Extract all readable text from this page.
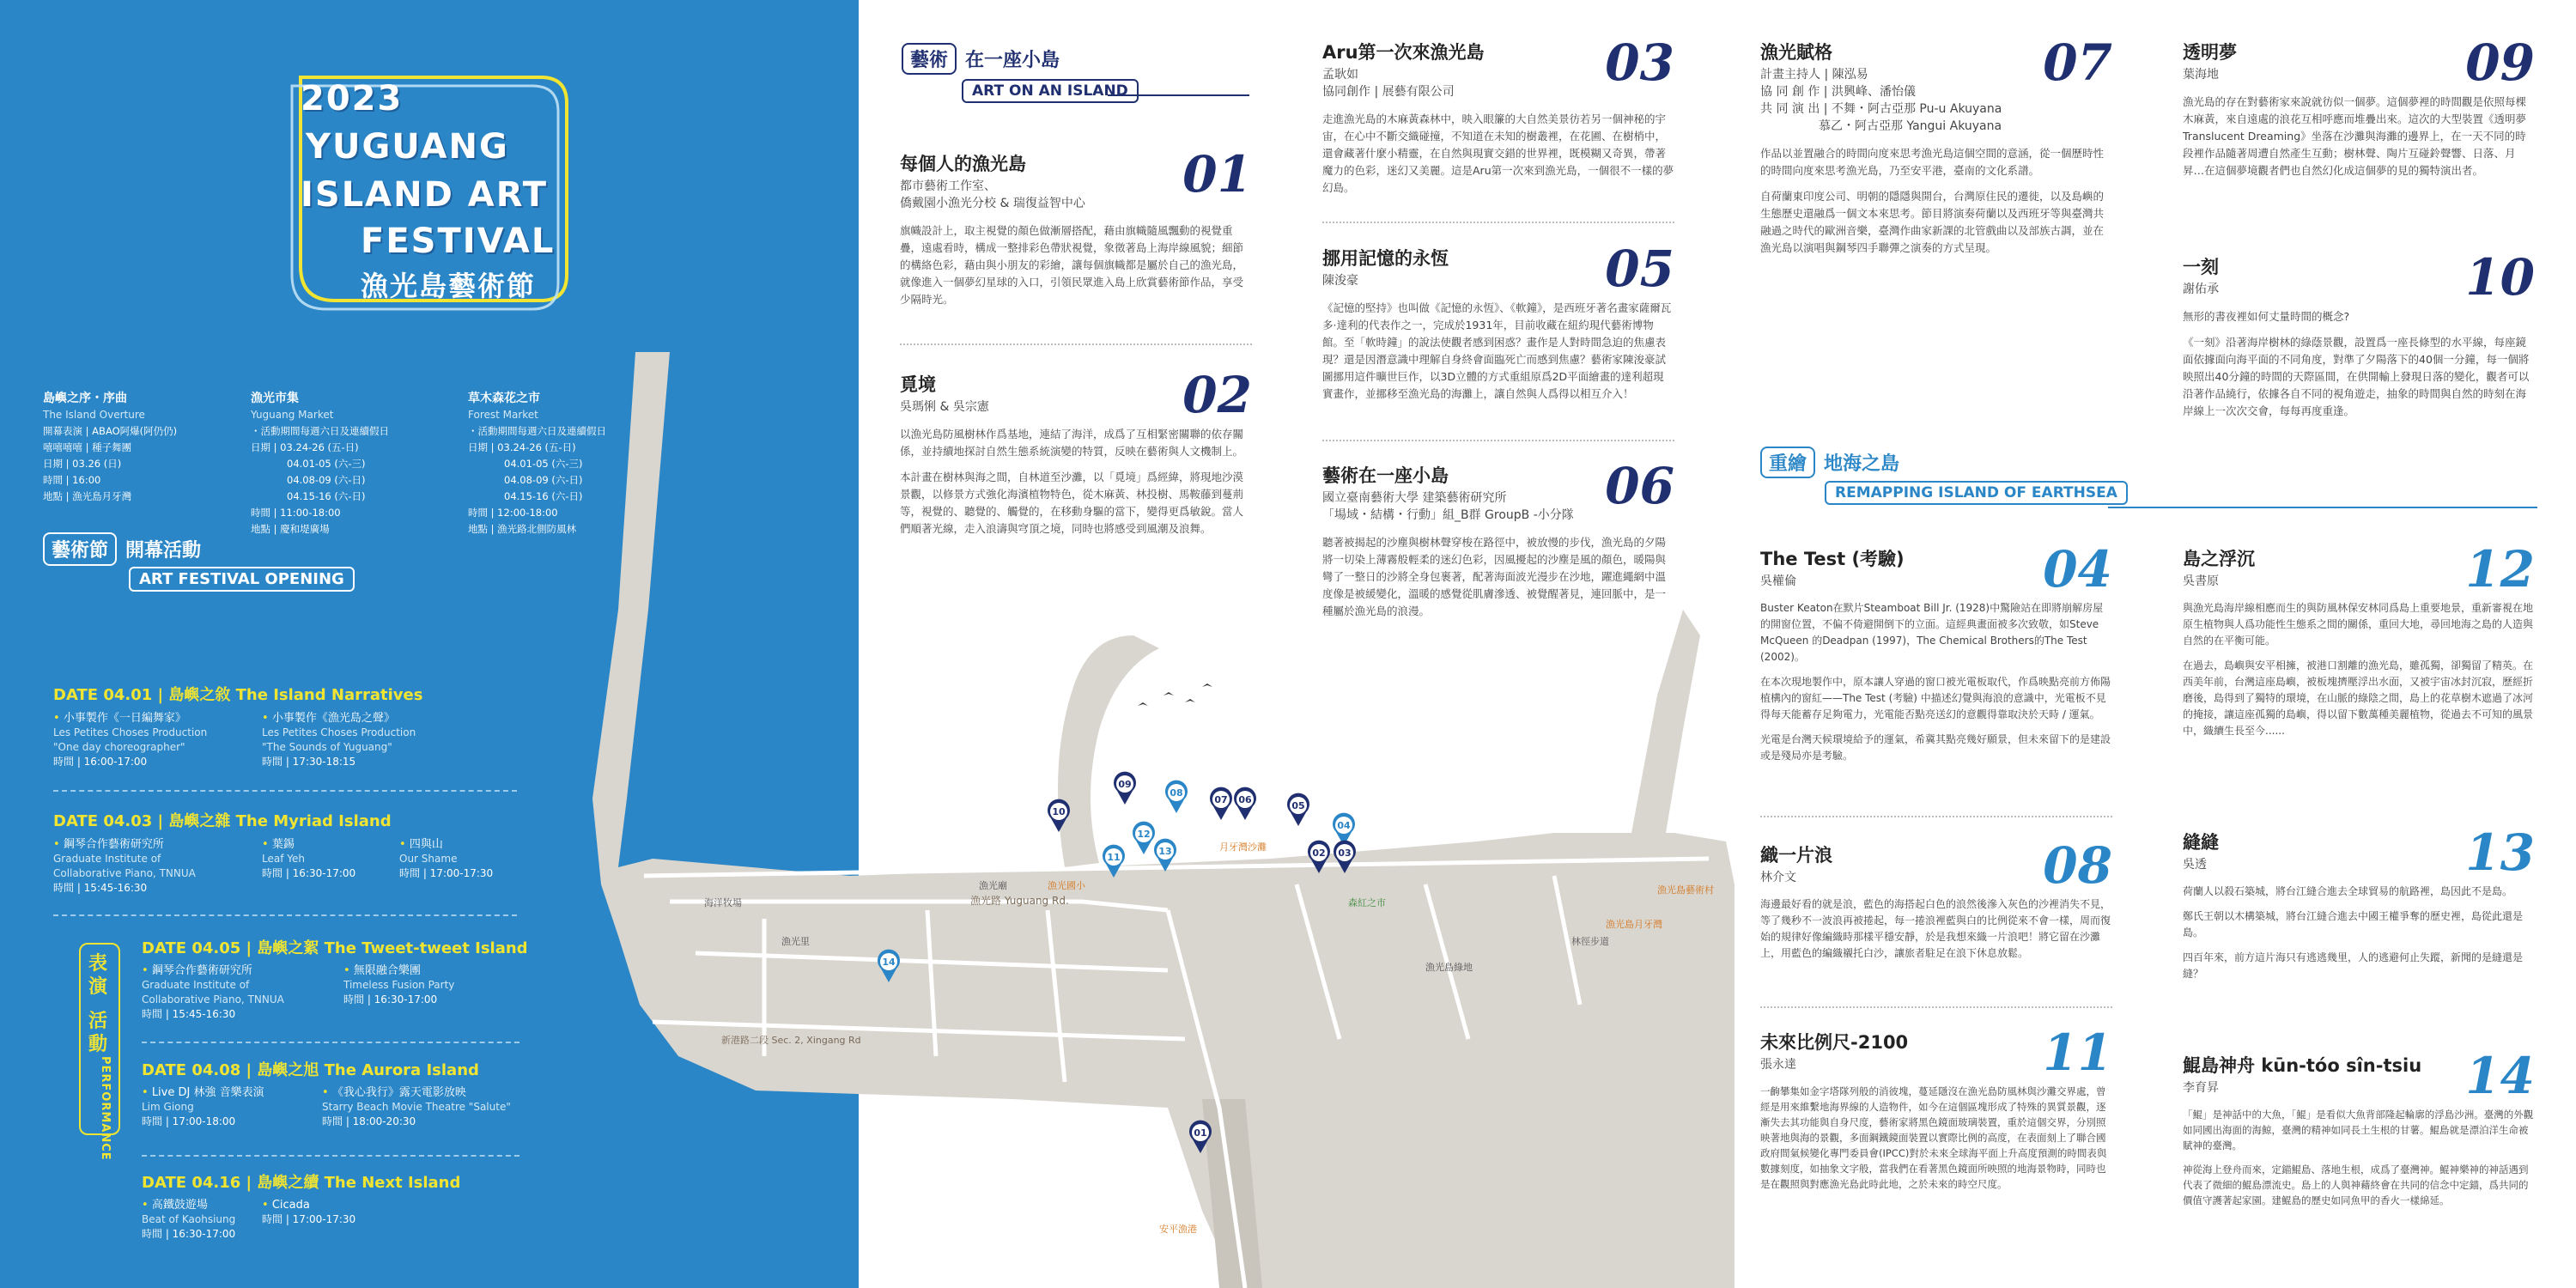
2023
YUGUANG
ISLAND ART
FESTIVAL
漁光島藝術節
島嶼之序・序曲
The Island Overture
開幕表演 | ABAO阿爆(阿仍仍)
嘻嘻嘻嘻 | 種子舞團
日期 | 03.26 (日)
時間 | 16:00
地點 | 漁光島月牙灣
漁光市集
Yuguang Market
・活動期間每週六日及連續假日
日期 | 03.24-26 (五-日)
04.01-05 (六-三)
04.08-09 (六-日)
04.15-16 (六-日)
時間 | 11:00-18:00
地點 | 慶和堤廣場
草木森花之市
Forest Market
・活動期間每週六日及連續假日
日期 | 03.24-26 (五-日)
04.01-05 (六-三)
04.08-09 (六-日)
04.15-16 (六-日)
時間 | 12:00-18:00
地點 | 漁光路北側防風林
藝術節 開幕活動
ART FESTIVAL OPENING
DATE 04.01 | 島嶼之敘 The Island Narratives
• 小事製作《一日編舞家》
Les Petites Choses Production
"One day choreographer"
時間 | 16:00-17:00
• 小事製作《漁光島之聲》
Les Petites Choses Production
"The Sounds of Yuguang"
時間 | 17:30-18:15
DATE 04.03 | 島嶼之雜 The Myriad Island
• 鋼琴合作藝術研究所
Graduate Institute of
Collaborative Piano, TNNUA
時間 | 15:45-16:30
• 葉錫
Leaf Yeh
時間 | 16:30-17:00
• 四與山
Our Shame
時間 | 17:00-17:30
表
演
活
動
PERFORMANCE
DATE 04.05 | 島嶼之絮 The Tweet-tweet Island
• 鋼琴合作藝術研究所
Graduate Institute of
Collaborative Piano, TNNUA
時間 | 15:45-16:30
• 無限融合樂團
Timeless Fusion Party
時間 | 16:30-17:00
DATE 04.08 | 島嶼之旭 The Aurora Island
• Live DJ 林強 音樂表演
Lim Giong
時間 | 17:00-18:00
• 《我心我行》露天電影放映
Starry Beach Movie Theatre "Salute"
時間 | 18:00-20:30
DATE 04.16 | 島嶼之續 The Next Island
• 高鐵鼓遊場
Beat of Kaohsiung
時間 | 16:30-17:00
• Cicada
時間 | 17:00-17:30
漁光路 Yuguang Rd.
新港路二段 Sec. 2, Xingang Rd
漁光廟
漁光里
月牙灣沙灘
森紅之市
漁光島月牙灣
海洋牧場
漁光國小
漁光島綠地
漁光島藝術村
林徑步道
安平漁港
09
08
07 06
05
04
10
12
13
11	02 03
14
01
藝術 在一座小島
ART ON AN ISLAND
重繪 地海之島
REMAPPING ISLAND OF EARTHSEA
01
每個人的漁光島
都市藝術工作室、
僑戴園小漁光分校 & 瑞復益智中心

旗幟設計上，取主視覺的顏色做漸層搭配，藉由旗幟隨風飄動的視覺重疊，遠處看時，構成一整排彩色帶狀視覺，象徵著島上海岸線風貌；細節的構絡色彩，藉由與小朋友的彩繪，讓每個旗幟都是屬於自己的漁光島，就像進入一個夢幻星球的入口，引領民眾進入島上欣賞藝術節作品，享受少隔時光。

02
覓境
吳瑪悧 & 吳宗憲

以漁光島防風樹林作爲基地，連結了海洋，成爲了互相緊密關聯的依存關係，並持續地探討自然生態系統演變的特質，反映在藝術與人文機制上。

本計畫在樹林與海之間，自林道至沙灘，以「覓境」爲經緯，將現地沙漠景觀，以修景方式強化海濱植物特色，從木麻黃、林投樹、馬鞍藤到蔓荊等，視覺的、聽覺的、觸覺的，在移動身驅的當下，變得更爲敏銳。當人們順著光線，走入浪濤與穹頂之境，同時也將感受到風潮及浪舞。

03
Aru第一次來漁光島
孟耿如
協同創作 | 展藝有限公司

走進漁光島的木麻黃森林中，映入眼簾的大自然美景彷若另一個神秘的宇宙，在心中不斷交織碰撞，不知道在未知的樹叢裡，在花圃、在樹梢中，還會藏著什麼小精靈，在自然與現實交錯的世界裡，既模糊又奇異，帶著魔力的色彩，迷幻又美麗。這是Aru第一次來到漁光島，一個很不一樣的夢幻島。

05
挪用記憶的永恆
陳浚豪

《記憶的堅持》也叫做《記憶的永恆》、《軟鐘》，是西班牙著名畫家薩爾瓦多·達利的代表作之一，完成於1931年，目前收藏在紐約現代藝術博物館。至「軟時鐘」的說法使觀者感到困惑？畫作是人對時間急迫的焦慮表現？還是因潛意識中理解自身終會面臨死亡而感到焦慮？藝術家陳浚豪試圖挪用這件曠世巨作，以3D立體的方式重組原爲2D平面繪畫的達利超現實畫作，並挪移至漁光島的海灘上，讓自然與人爲得以相互介入！

06
藝術在一座小島
國立臺南藝術大學 建築藝術研究所
「場域・結構・行動」組_B群 GroupB -小分隊

聽著被揭起的沙塵與樹林聲穿梭在路徑中，被放慢的步伐，漁光島的夕陽將一切染上薄霧般輕柔的迷幻色彩，因風擾起的沙塵是風的顏色，暖陽與彎了一整日的沙將全身包裹著，配著海面波光漫步在沙地，躍進繩網中溫度像是被緩變化，溫暖的感覺從肌膚滲透、被覺醒著見，連回脈中，是一種屬於漁光島的浪漫。

07
漁光賦格
計畫主持人 | 陳泓易
協 同 創 作 | 洪興峰、潘怡儀
共 同 演 出 | 不舞・阿古亞那 Pu-u Akuyana
慕乙・阿古亞那 Yangui Akuyana

作品以並置融合的時間向度來思考漁光島這個空間的意涵，從一個歷時性的時間向度來思考漁光島，乃至安平港，臺南的文化系譜。

自荷蘭東印度公司、明朝的隱隱與開台，台灣原住民的遷徙，以及島嶼的生態歷史還融爲一個文本來思考。節目將演奏荷蘭以及西班牙等與臺灣共融過之時代的歐洲音樂，臺灣作曲家新課的北管戲曲以及部族古調，並在漁光島以演唱與鋼琴四手聯彈之演奏的方式呈現。

09
透明夢
葉海地

漁光島的存在對藝術家來說就彷似一個夢。這個夢裡的時間觀是依照每棵木麻黃，來自遠處的浪花互相呼應而堆疊出來。這次的大型裝置《透明夢Translucent Dreaming》坐落在沙灘與海灘的邊界上，在一天不同的時段裡作品隨著周遭自然產生互動；樹林聲、陶片互碰鈴聲響、日落、月昇…在這個夢境觀者們也自然幻化成這個夢的見的獨特演出者。

10
一刻
謝佑承

無形的書夜裡如何丈量時間的概念?

《一刻》沿著海岸樹林的綠蔭景觀，設置爲一座長條型的水平線，每座鏡面依據面向海平面的不同角度，對準了夕陽落下的40個一分鐘，每一個將映照出40分鐘的時間的天際區間，在供開輸上發現日落的變化，觀者可以沿著作品繞行，依據各自不同的視角遊走，抽象的時間與自然的時刻在海岸線上一次次交會，每每再度重逢。

04
The Test (考驗)
吳權倫

Buster Keaton在默片Steamboat Bill Jr. (1928)中驚險站在即將崩解房屋的開窗位置，不偏不倚避開倒下的立面。這經典畫面被多次致敬，如Steve McQueen 的Deadpan (1997)，The Chemical Brothers的The Test (2002)。

在本次現地製作中，原本讓人穿過的窗口被光電板取代，作爲映點亮前方佈陽植構內的窗紅——The Test (考驗) 中描述幻覺與海浪的意識中，光電板不見得每天能蓄存足夠電力，光電能否點亮送幻的意觀得靠取決於天時 / 運氣。

光電是台灣天候環境給予的運氣，希冀其點亮幾好願景，但未來留下的是建設或是殘局亦是考驗。

08
織一片浪
林介文

海邊最好看的就是浪，藍色的海搭起白色的浪然後滲入灰色的沙裡消失不見，等了幾秒不一波浪再被捲起，每一捲浪裡藍與白的比例從來不會一樣，周而復始的規律好像編織時那樣平穩安靜，於是我想來織一片浪吧！將它留在沙灘上，用藍色的編織襯托白沙，讓旅者駐足在浪下休息放鬆。

11
未來比例尺-2100
張永達

一齣攀集如金字塔隊列般的消彼塊，蔓延隱沒在漁光島防風林與沙灘交界處，曾經是用來維繫地海界線的人造物件，如今在這個區塊形成了特殊的異質景觀，逐漸失去其功能與自身尺度，藝術家將黑色鏡面玻璃裝置，重於這個交界，分別照映著地與海的景觀，多面鋼鐵鏡面裝置以實際比例的高度，在表面刻上了聯合國政府間氣候變化專門委員會(IPCC)對於未來全球海平面上升高度預測的時間表與數據刻度，如抽象文字般，當我們在看著黑色鏡面所映照的地海景物時，同時也是在觀照與對應漁光島此時此地，之於未來的時空尺度。

12
島之浮沉
吳書原

與漁光島海岸線相應而生的與防風林保安林同爲島上重要地景，重新審視在地原生植物與人爲功能性生態系之間的關係，重回大地，尋回地海之島的人造與自然的在平衡可能。

在過去，島嶼與安平相擁，被港口割離的漁光島，雖孤獨，卻獨留了精英。在西美年前，台灣這座島嶼，被板塊擠壓浮出水面，又被宇宙冰封沉寂，歷經折磨後，島得到了獨特的環境，在山脈的綠陰之間，島上的花草樹木遮過了冰河的掩接，讓這座孤獨的島嶼，得以留下數萬種美麗植物，從過去不可知的風景中，織續生長至今......

13
縫縫
吳透

荷蘭人以殺石築城，將台江縫合進去全球貿易的航路裡，島因此不是島。

鄭氏王朝以木構築城，將台江縫合進去中國王權爭奪的歷史裡，島從此還是島。

四百年來，前方這片海只有逃逃幾里，人的逃避何止失蹤，新聞的是縫還是縫？

14
鯤島神舟 kūn-tóo sîn-tsiu
李育昇

「鯤」是神話中的大魚，「鯤」是看似大魚背部隆起輪廓的浮島沙洲。臺灣的外觀如同國出海面的海鯨，臺灣的精神如同長土生根的甘薯。鯤島就是漂泊洋生命被賦神的臺灣。

神從海上登舟而來，定錨鯤島、落地生根，成爲了臺灣神。鯤神樂神的神話遇到代表了微細的鯤島漂流史。島上的人與神藉終會在共同的信念中定錨，爲共同的價值守護著起家園。建鯤島的歷史如同魚甲的香火一樣綿延。
